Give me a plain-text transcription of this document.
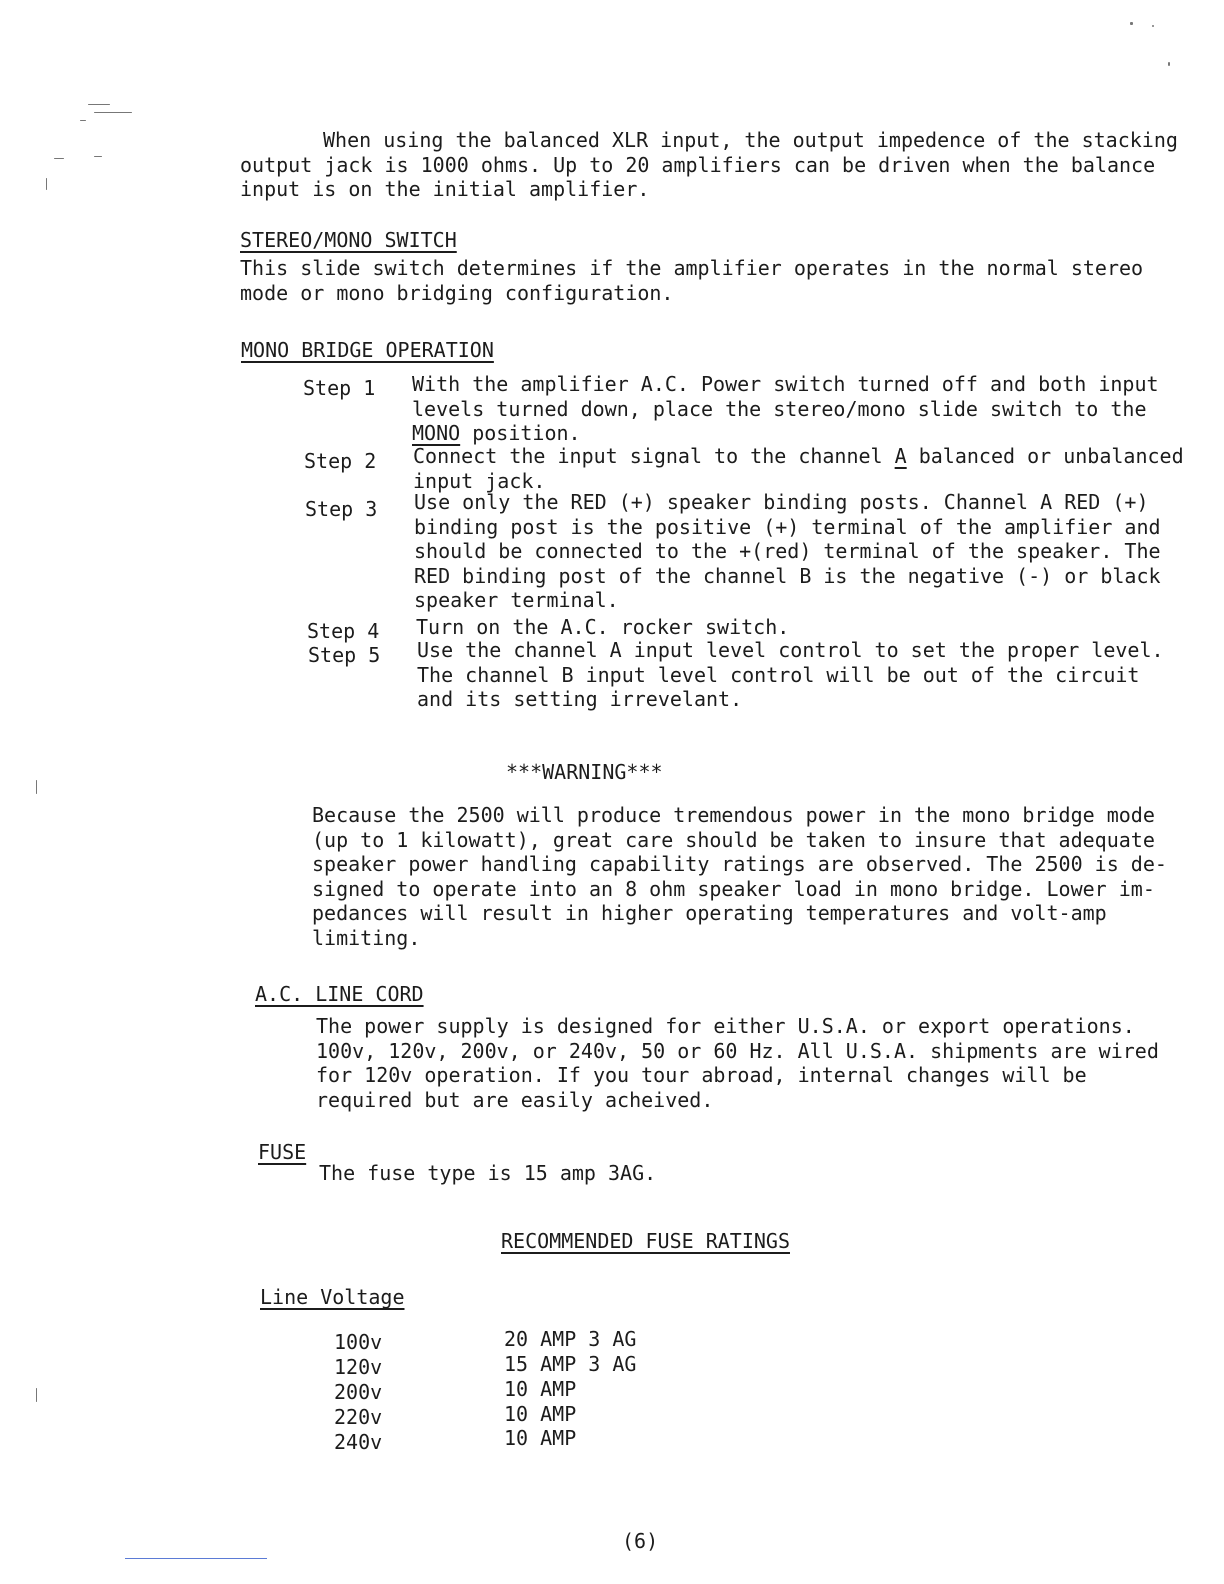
When using the balanced XLR input, the output impedence of the stacking
output jack is 1000 ohms. Up to 20 amplifiers can be driven when the balance
input is on the initial amplifier.
STEREO/MONO SWITCH
This slide switch determines if the amplifier operates in the normal stereo
mode or mono bridging configuration.
MONO BRIDGE OPERATION
Step 1 With the amplifier A.C. Power switch turned off and both input
levels turned down, place the stereo/mono slide switch to the
MONO position.
Step 2 Connect the input signal to the channel A balanced or unbalanced
input jack.
Step 3 Use only the RED (+) speaker binding posts. Channel A RED (+)
binding post is the positive (+) terminal of the amplifier and
should be connected to the +(red) terminal of the speaker. The
RED binding post of the channel B is the negative (-) or black
speaker terminal.
Step 4 Turn on the A.C. rocker switch.
Step 5 Use the channel A input level control to set the proper level.
The channel B input level control will be out of the circuit
and its setting irrevelant.
***WARNING***
Because the 2500 will produce tremendous power in the mono bridge mode
(up to 1 kilowatt), great care should be taken to insure that adequate
speaker power handling capability ratings are observed. The 2500 is de-
signed to operate into an 8 ohm speaker load in mono bridge. Lower im-
pedances will result in higher operating temperatures and volt-amp
limiting.
A.C. LINE CORD
The power supply is designed for either U.S.A. or export operations.
100v, 120v, 200v, or 240v, 50 or 60 Hz. All U.S.A. shipments are wired
for 120v operation. If you tour abroad, internal changes will be
required but are easily acheived.
FUSE
The fuse type is 15 amp 3AG.
RECOMMENDED FUSE RATINGS
Line Voltage
100v	20 AMP 3 AG
120v	15 AMP 3 AG
200v	10 AMP
220v	10 AMP
240v	10 AMP
(6)
